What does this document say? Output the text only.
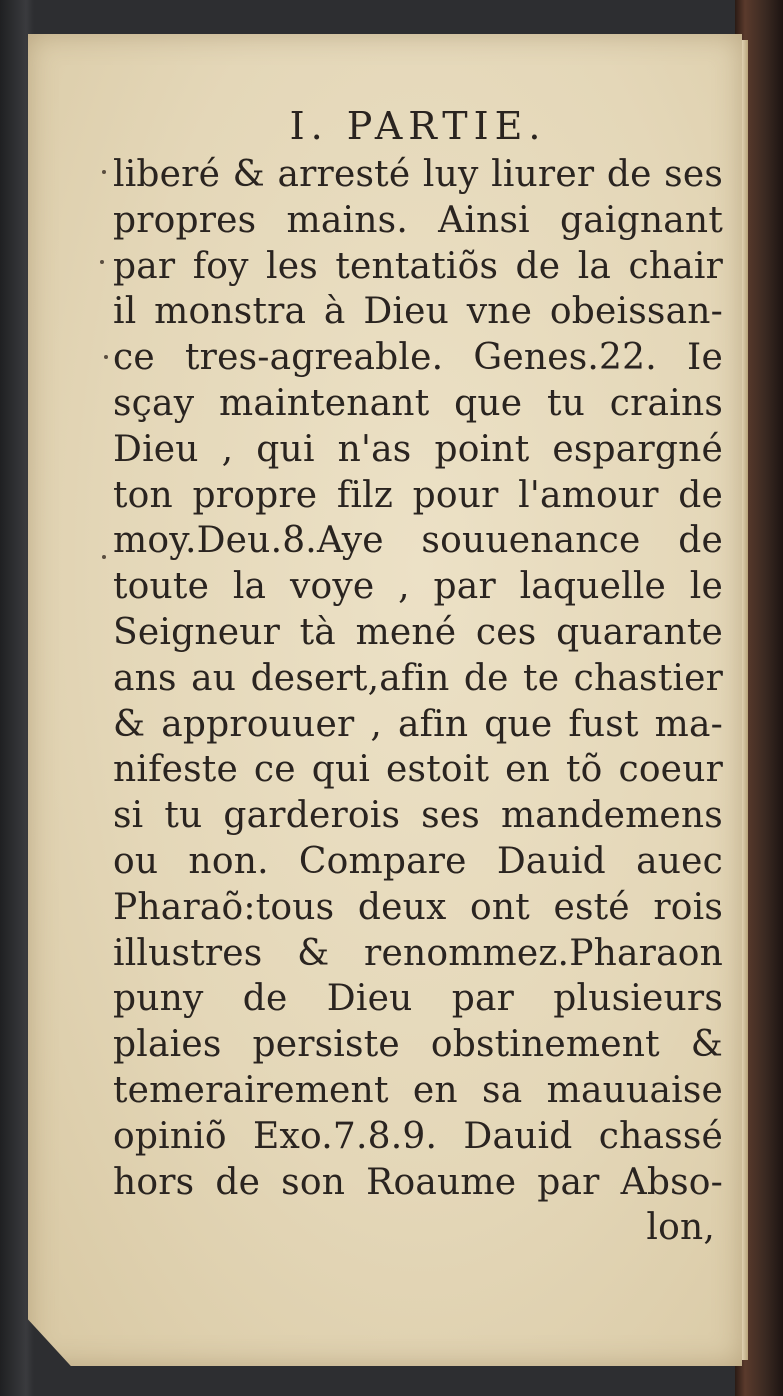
I. PARTIE.
liberé & arresté luy liurer de ses
propres mains. Ainsi gaignant
par foy les tentatiõs de la chair
il monstra à Dieu vne obeissan-
ce tres-agreable. Genes.22. Ie
sçay maintenant que tu crains
Dieu , qui n'as point espargné
ton propre filz pour l'amour de
moy.Deu.8.Aye souuenance de
toute la voye , par laquelle le
Seigneur tà mené ces quarante
ans au desert,afin de te chastier
& approuuer , afin que fust ma-
nifeste ce qui estoit en tõ coeur
si tu garderois ses mandemens
ou non. Compare Dauid auec
Pharaõ:tous deux ont esté rois
illustres & renommez.Pharaon
puny de Dieu par plusieurs
plaies persiste obstinement &
temerairement en sa mauuaise
opiniõ Exo.7.8.9. Dauid chassé
hors de son Roaume par Abso-
lon,
